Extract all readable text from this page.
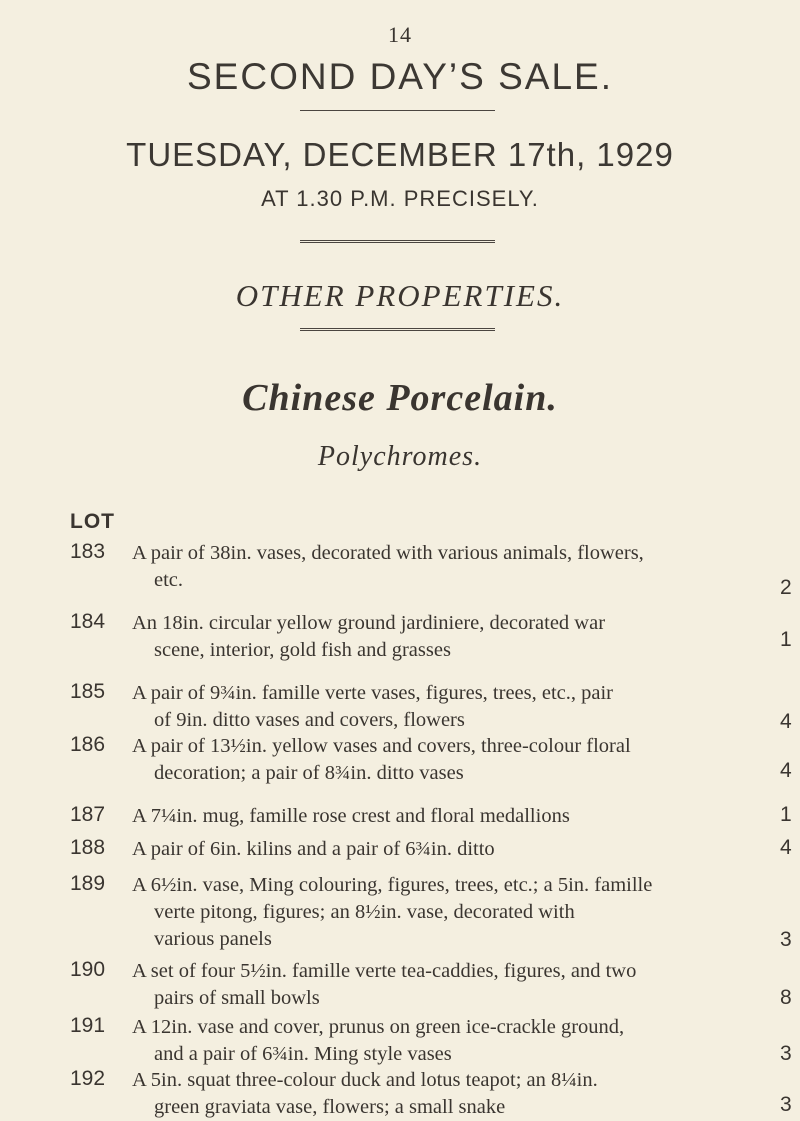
14
SECOND DAY’S SALE.
TUESDAY, DECEMBER 17th, 1929
AT 1.30 P.M. PRECISELY.
OTHER PROPERTIES.
Chinese Porcelain.
Polychromes.
LOT
183	A pair of 38in. vases, decorated with various animals, flowers,
etc.	2
184	An 18in. circular yellow ground jardiniere, decorated war
scene, interior, gold fish and grasses	1
185	A pair of 9¾in. famille verte vases, figures, trees, etc., pair
of 9in. ditto vases and covers, flowers	4
186	A pair of 13½in. yellow vases and covers, three-colour floral
decoration; a pair of 8¾in. ditto vases	4
187	A 7¼in. mug, famille rose crest and floral medallions	1
188	A pair of 6in. kilins and a pair of 6¾in. ditto	4
189	A 6½in. vase, Ming colouring, figures, trees, etc.; a 5in. famille
verte pitong, figures; an 8½in. vase, decorated with
various panels	3
190	A set of four 5½in. famille verte tea-caddies, figures, and two
pairs of small bowls	8
191	A 12in. vase and cover, prunus on green ice-crackle ground,
and a pair of 6¾in. Ming style vases	3
192	A 5in. squat three-colour duck and lotus teapot; an 8¼in.
green graviata vase, flowers; a small snake	3
